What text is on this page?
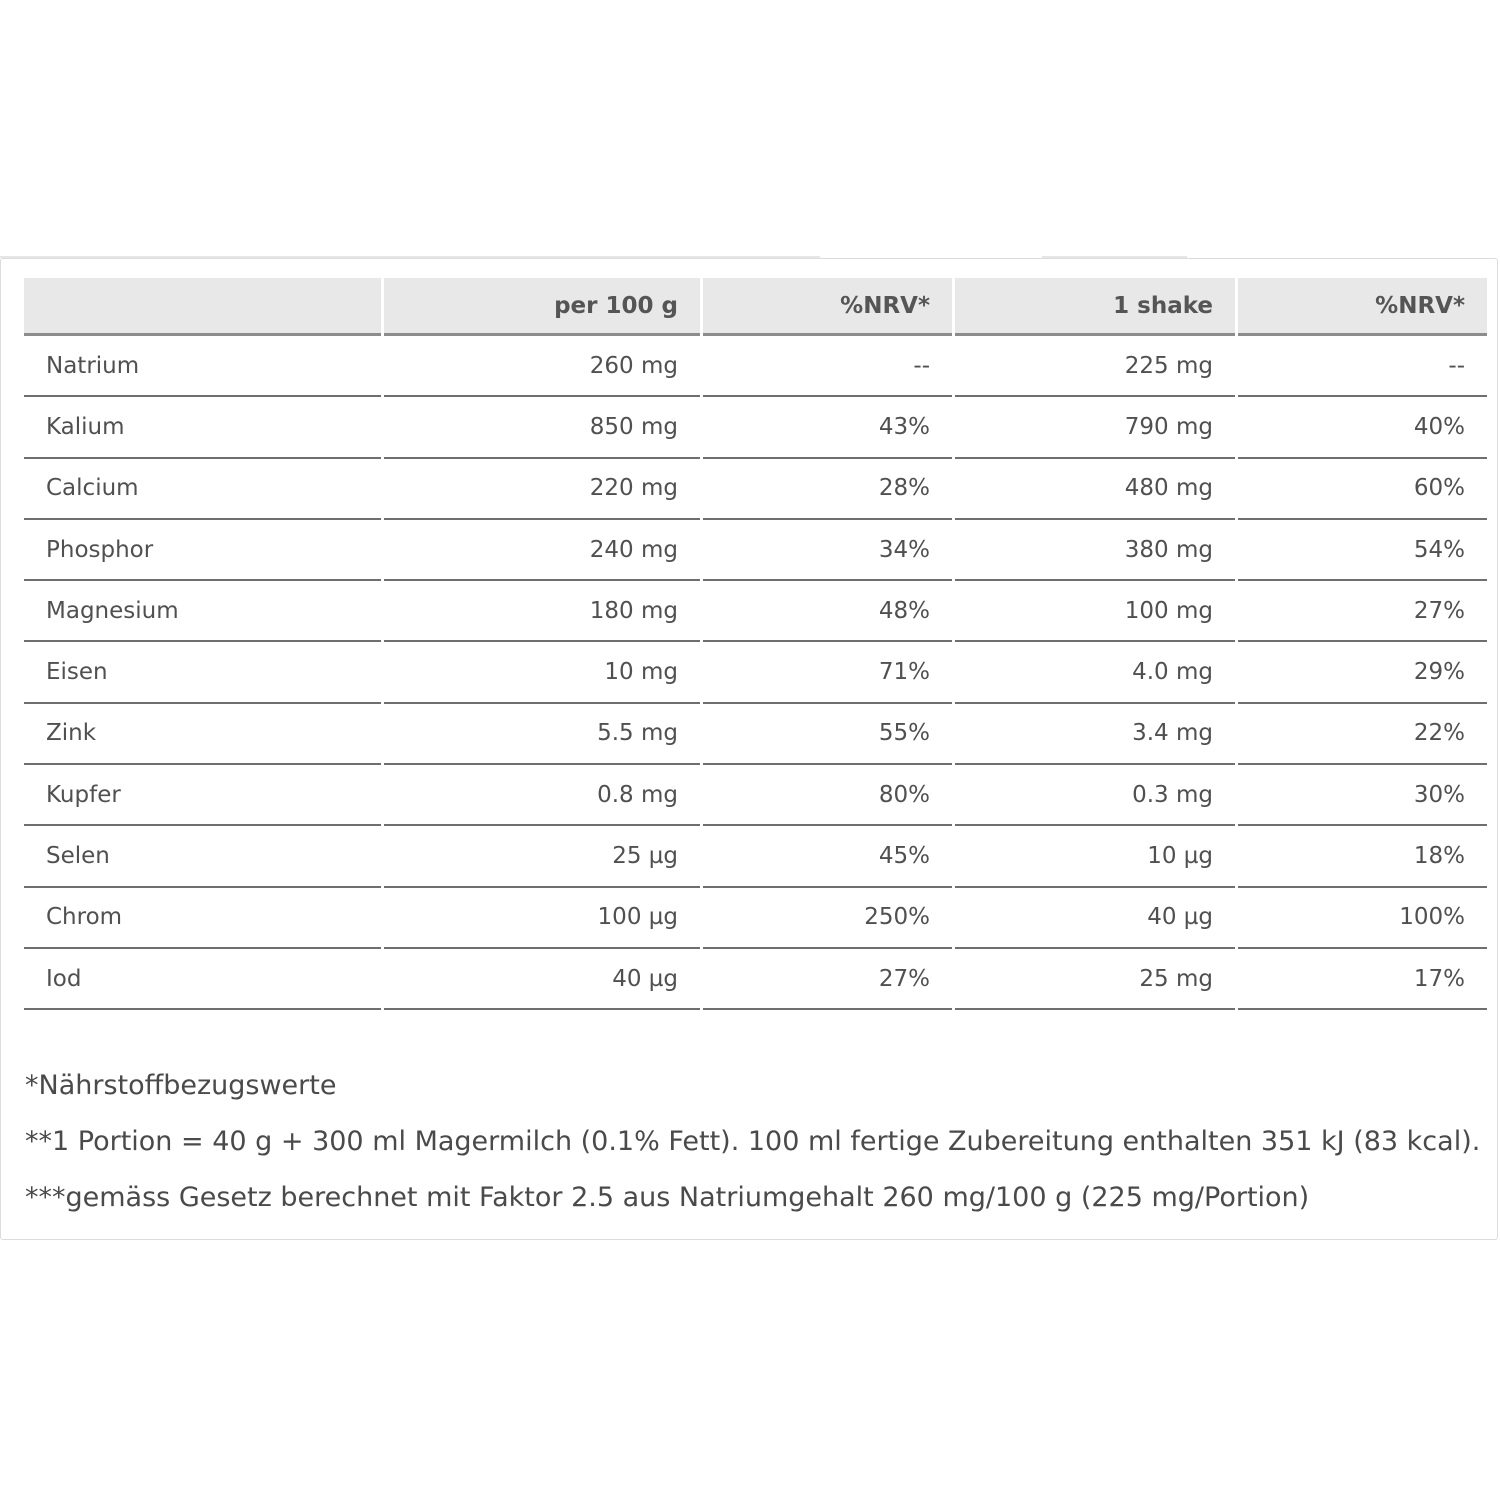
	per 100 g	%NRV*	1 shake	%NRV*
Natrium	260 mg	--	225 mg	--
Kalium	850 mg	43%	790 mg	40%
Calcium	220 mg	28%	480 mg	60%
Phosphor	240 mg	34%	380 mg	54%
Magnesium	180 mg	48%	100 mg	27%
Eisen	10 mg	71%	4.0 mg	29%
Zink	5.5 mg	55%	3.4 mg	22%
Kupfer	0.8 mg	80%	0.3 mg	30%
Selen	25 µg	45%	10 µg	18%
Chrom	100 µg	250%	40 µg	100%
Iod	40 µg	27%	25 mg	17%
*Nährstoffbezugswerte
**1 Portion = 40 g + 300 ml Magermilch (0.1% Fett). 100 ml fertige Zubereitung enthalten 351 kJ (83 kcal).
***gemäss Gesetz berechnet mit Faktor 2.5 aus Natriumgehalt 260 mg/100 g (225 mg/Portion)
